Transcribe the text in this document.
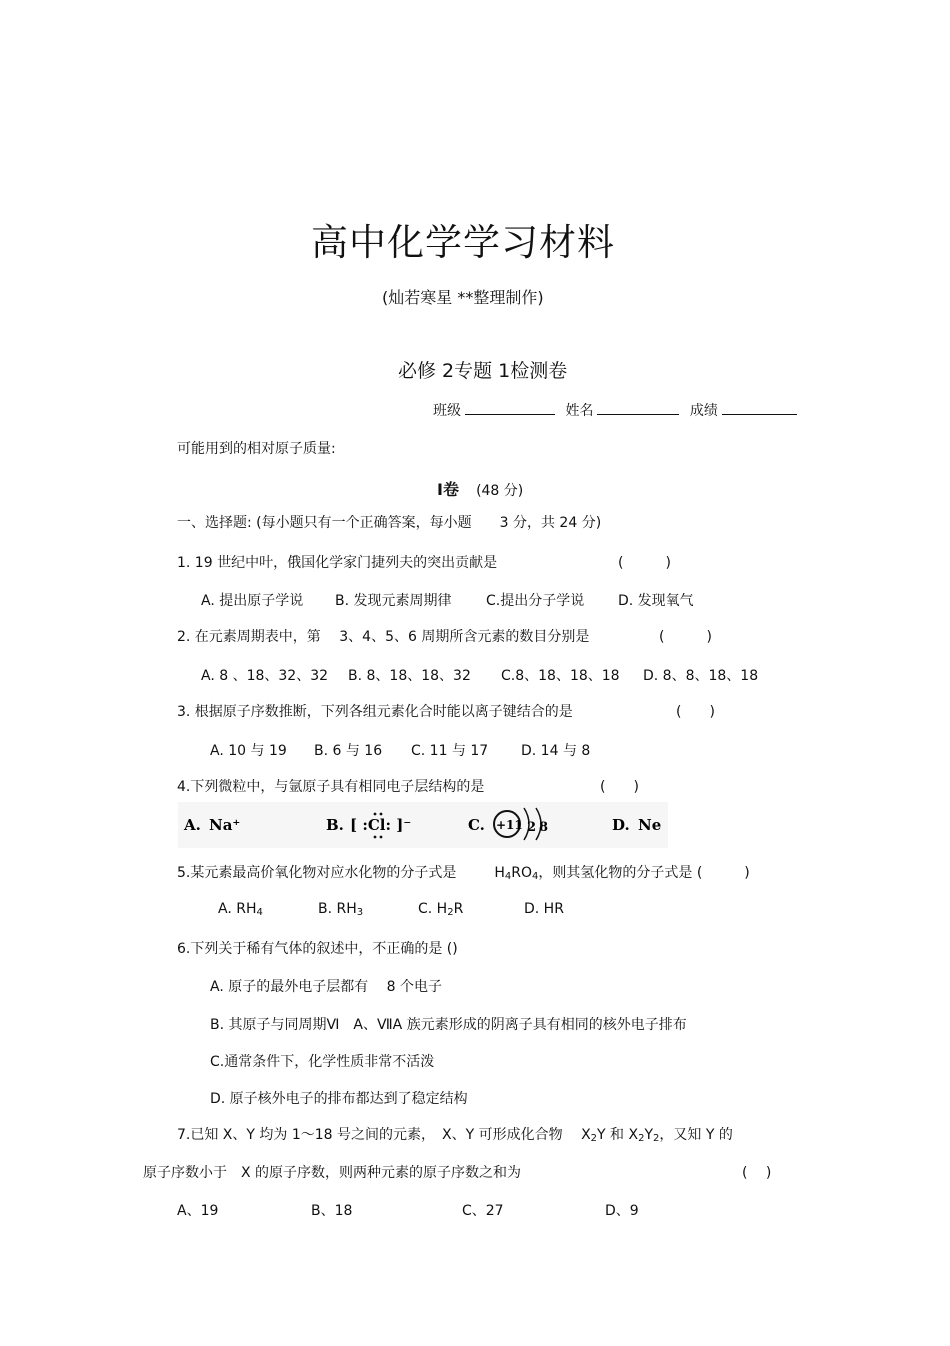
高中化学学习材料
(灿若寒星 **整理制作)
必修 2专题 1检测卷
班级	姓名	成绩
可能用到的相对原子质量:
Ⅰ卷 (48 分)
一、选择题: (每小题只有一个正确答案，每小题　　3 分，共 24 分)
1. 19 世纪中叶，俄国化学家门捷列夫的突出贡献是	(　　　)
A. 提出原子学说 B. 发现元素周期律 C.提出分子学说 D. 发现氧气
2. 在元素周期表中，第　 3、4、5、6 周期所含元素的数目分别是	(　　　)
A. 8 、18、32、32 B. 8、18、18、32 C.8、18、18、18 D. 8、8、18、18
3. 根据原子序数推断，下列各组元素化合时能以离子键结合的是	(　　)
A. 10 与 19 B. 6 与 16 C. 11 与 17 D. 14 与 8
4.下列微粒中，与氩原子具有相同电子层结构的是	(　　)
A. Na⁺	B. [ :Cl: ]⁻	C. +11 2 8	D. Ne
5.某元素最高价氧化物对应水化物的分子式是	$H_4RO_4$，则其氢化物的分子式是 (　　　)
A. $RH_4$	B. $RH_3$	C. $H_2R$	D. HR
6.下列关于稀有气体的叙述中，不正确的是 ()
A. 原子的最外电子层都有　 8 个电子
B. 其原子与同周期Ⅵ　A、ⅦA 族元素形成的阴离子具有相同的核外电子排布
C.通常条件下，化学性质非常不活泼
D. 原子核外电子的排布都达到了稳定结构
7.已知 X、Y 均为 1～18 号之间的元素，　X、Y 可形成化合物　 $X_2Y$ 和 $X_2Y_2$，又知 Y 的
原子序数小于　X 的原子序数，则两种元素的原子序数之和为	(　 )
A、19	B、18	C、27	D、9
